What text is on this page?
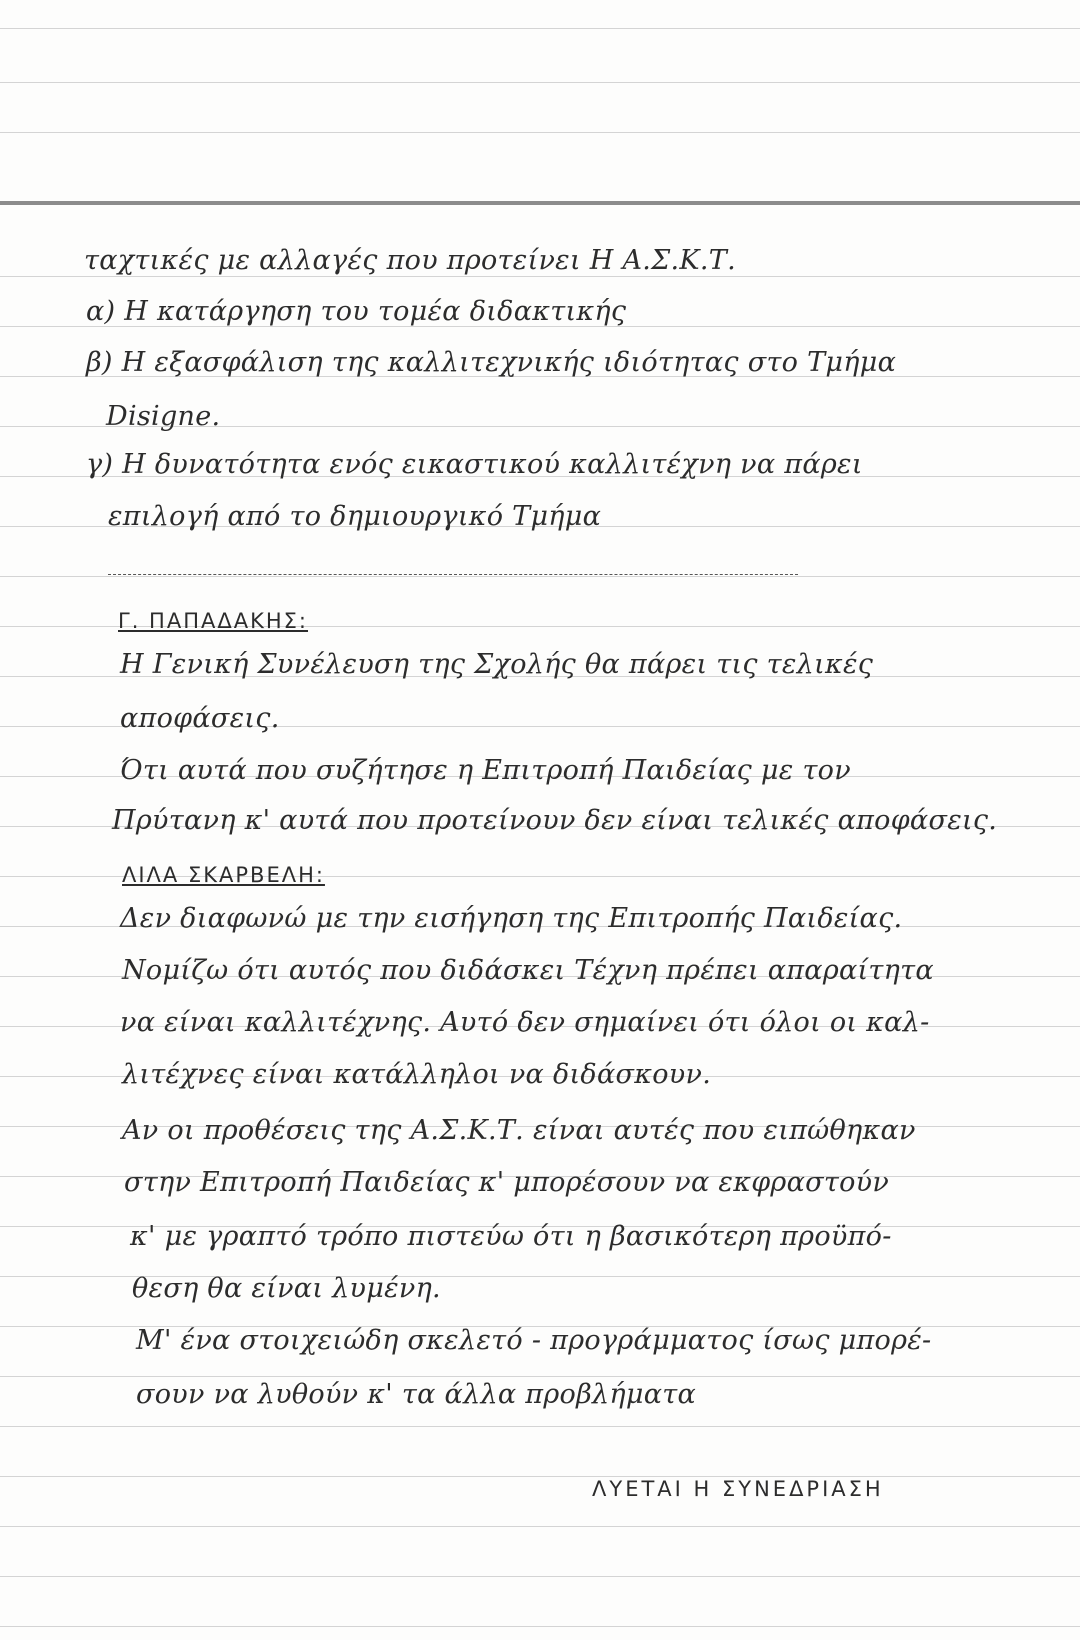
ταχτικές με αλλαγές που προτείνει Η Α.Σ.Κ.Τ.
α) Η κατάργηση του τομέα διδακτικής
β) Η εξασφάλιση της καλλιτεχνικής ιδιότητας στο Τμήμα
Disigne.
γ) Η δυνατότητα ενός εικαστικού καλλιτέχνη να πάρει
επιλογή από το δημιουργικό Τμήμα
Γ. ΠΑΠΑΔΑΚΗΣ:
Η Γενική Συνέλευση της Σχολής θα πάρει τις τελικές
αποφάσεις.
Ότι αυτά που συζήτησε η Επιτροπή Παιδείας με τον
Πρύτανη κ' αυτά που προτείνουν δεν είναι τελικές αποφάσεις.
ΛΙΛΑ ΣΚΑΡΒΕΛΗ:
Δεν διαφωνώ με την εισήγηση της Επιτροπής Παιδείας.
Νομίζω ότι αυτός που διδάσκει Τέχνη πρέπει απαραίτητα
να είναι καλλιτέχνης. Αυτό δεν σημαίνει ότι όλοι οι καλ-
λιτέχνες είναι κατάλληλοι να διδάσκουν.
Αν οι προθέσεις της Α.Σ.Κ.Τ. είναι αυτές που ειπώθηκαν
στην Επιτροπή Παιδείας κ' μπορέσουν να εκφραστούν
κ' με γραπτό τρόπο πιστεύω ότι η βασικότερη προϋπό-
θεση θα είναι λυμένη.
Μ' ένα στοιχειώδη σκελετό - προγράμματος ίσως μπορέ-
σουν να λυθούν κ' τα άλλα προβλήματα
ΛΥΕΤΑΙ Η ΣΥΝΕΔΡΙΑΣΗ
